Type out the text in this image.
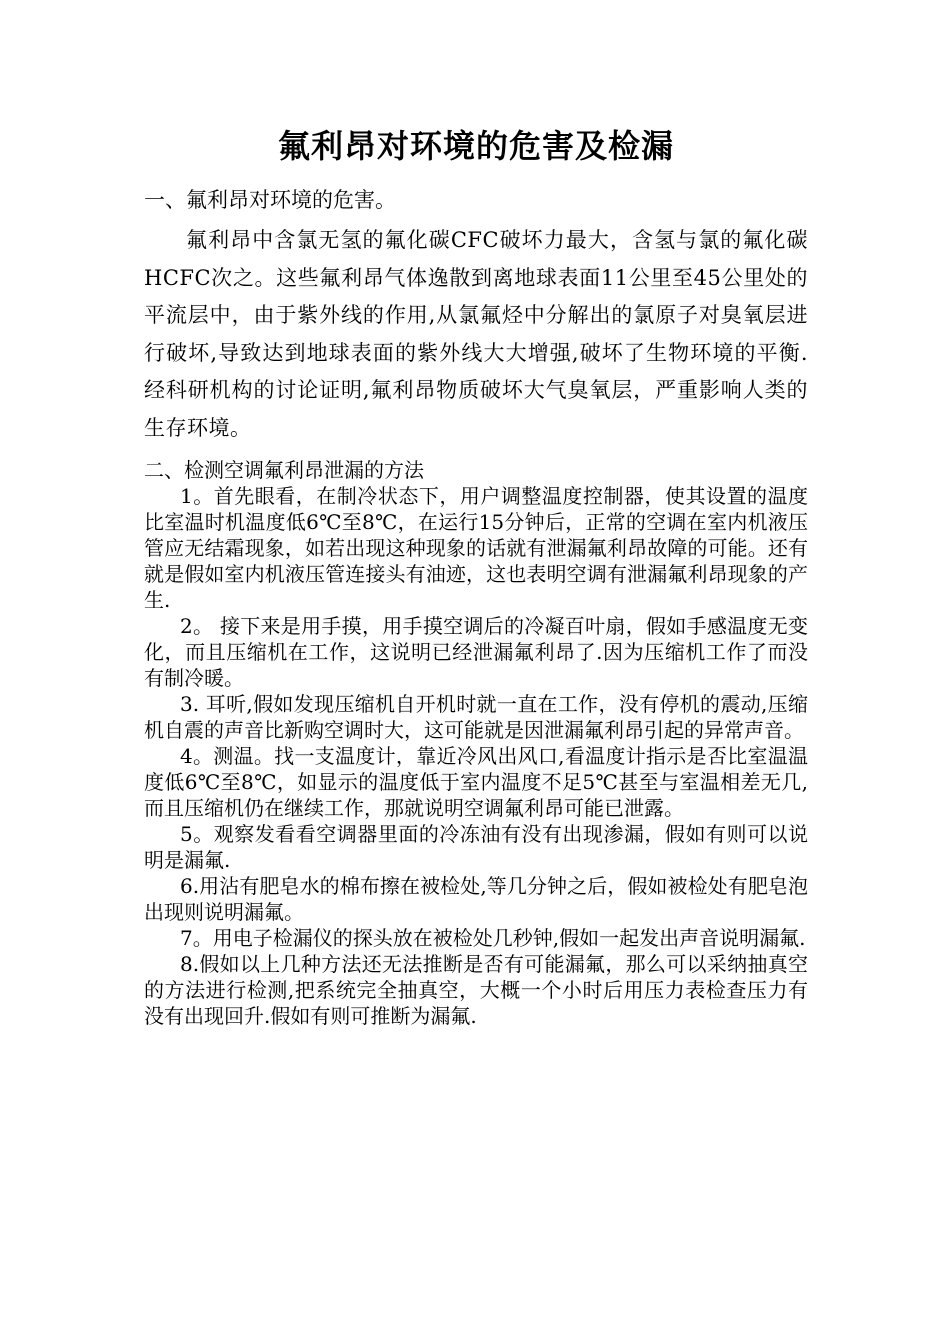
氟利昂对环境的危害及检漏

一、氟利昂对环境的危害。

氟利昂中含氯无氢的氟化碳CFC破坏力最大，含氢与氯的氟化碳HCFC次之。这些氟利昂气体逸散到离地球表面11公里至45公里处的平流层中，由于紫外线的作用,从氯氟烃中分解出的氯原子对臭氧层进行破坏,导致达到地球表面的紫外线大大增强,破坏了生物环境的平衡.经科研机构的讨论证明,氟利昂物质破坏大气臭氧层，严重影响人类的生存环境。

二、检测空调氟利昂泄漏的方法

1。首先眼看，在制冷状态下，用户调整温度控制器，使其设置的温度比室温时机温度低6℃至8℃，在运行15分钟后，正常的空调在室内机液压管应无结霜现象，如若出现这种现象的话就有泄漏氟利昂故障的可能。还有就是假如室内机液压管连接头有油迹，这也表明空调有泄漏氟利昂现象的产生.

2。 接下来是用手摸，用手摸空调后的冷凝百叶扇，假如手感温度无变化，而且压缩机在工作，这说明已经泄漏氟利昂了.因为压缩机工作了而没有制冷暖。

3. 耳听,假如发现压缩机自开机时就一直在工作，没有停机的震动,压缩机自震的声音比新购空调时大，这可能就是因泄漏氟利昂引起的异常声音。

4。测温。找一支温度计，靠近冷风出风口,看温度计指示是否比室温温度低6℃至8℃，如显示的温度低于室内温度不足5℃甚至与室温相差无几,而且压缩机仍在继续工作，那就说明空调氟利昂可能已泄露。

5。观察发看看空调器里面的冷冻油有没有出现渗漏，假如有则可以说明是漏氟.

6.用沾有肥皂水的棉布擦在被检处,等几分钟之后，假如被检处有肥皂泡出现则说明漏氟。

7。用电子检漏仪的探头放在被检处几秒钟,假如一起发出声音说明漏氟.

8.假如以上几种方法还无法推断是否有可能漏氟，那么可以采纳抽真空的方法进行检测,把系统完全抽真空，大概一个小时后用压力表检查压力有没有出现回升.假如有则可推断为漏氟.
